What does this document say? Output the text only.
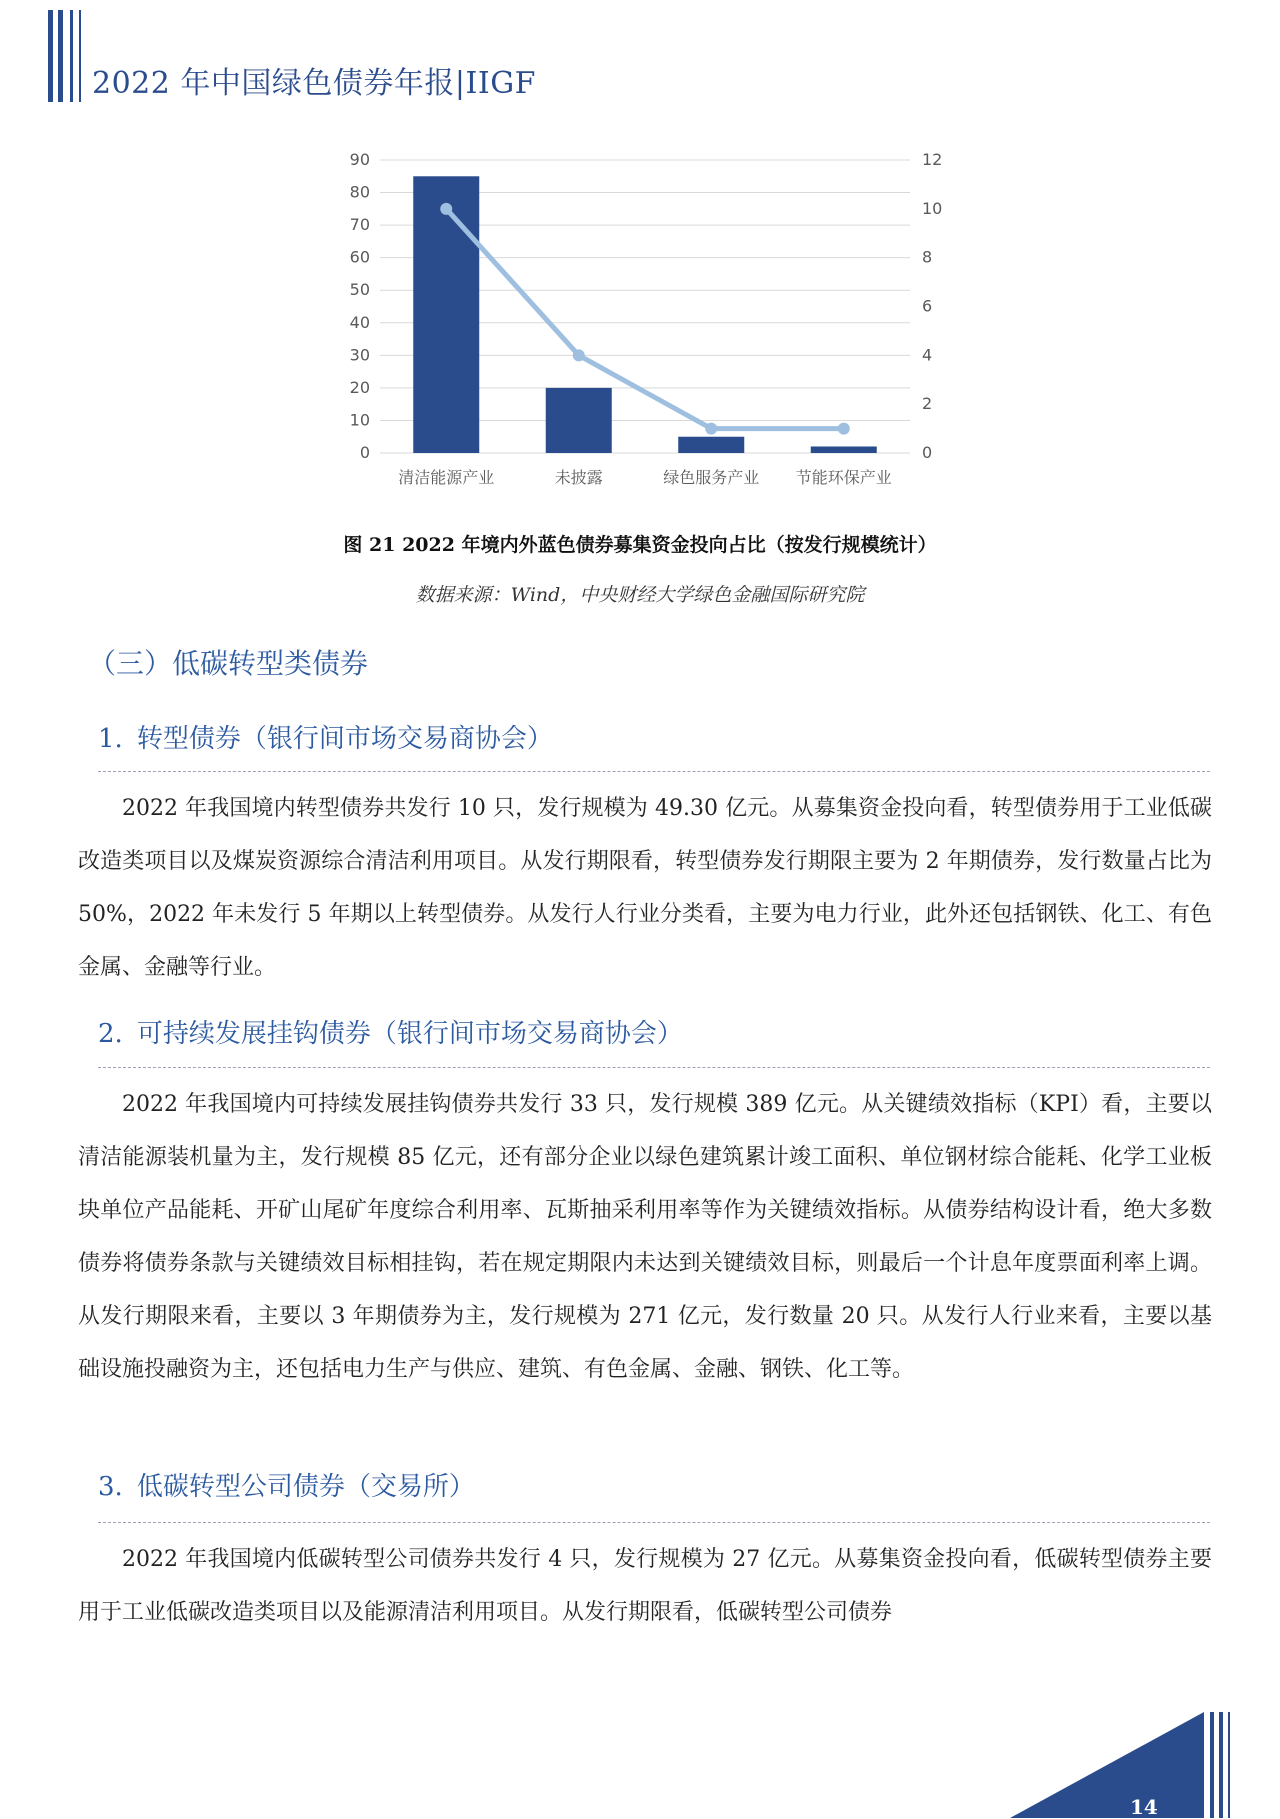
2022 年中国绿色债券年报|IIGF
90
80
70
60
50
40
30
20
10
0
12
10
8
6
4
2
0
清洁能源产业	未披露	绿色服务产业 节能环保产业
图 21 2022 年境内外蓝色债券募集资金投向占比（按发行规模统计）
数据来源：Wind，中央财经大学绿色金融国际研究院
（三）低碳转型类债券
1. 转型债券（银行间市场交易商协会）
2022 年我国境内转型债券共发行 10 只，发行规模为 49.30 亿元。从募集资金投向看，转型债券用于工业低碳改造类项目以及煤炭资源综合清洁利用项目。从发行期限看，转型债券发行期限主要为 2 年期债券，发行数量占比为 50%，2022 年未发行 5 年期以上转型债券。从发行人行业分类看，主要为电力行业，此外还包括钢铁、化工、有色金属、金融等行业。
2. 可持续发展挂钩债券（银行间市场交易商协会）
2022 年我国境内可持续发展挂钩债券共发行 33 只，发行规模 389 亿元。从关键绩效指标（KPI）看，主要以清洁能源装机量为主，发行规模 85 亿元，还有部分企业以绿色建筑累计竣工面积、单位钢材综合能耗、化学工业板块单位产品能耗、开矿山尾矿年度综合利用率、瓦斯抽采利用率等作为关键绩效指标。从债券结构设计看，绝大多数债券将债券条款与关键绩效目标相挂钩，若在规定期限内未达到关键绩效目标，则最后一个计息年度票面利率上调。从发行期限来看，主要以 3 年期债券为主，发行规模为 271 亿元，发行数量 20 只。从发行人行业来看，主要以基础设施投融资为主，还包括电力生产与供应、建筑、有色金属、金融、钢铁、化工等。
3. 低碳转型公司债券（交易所）
2022 年我国境内低碳转型公司债券共发行 4 只，发行规模为 27 亿元。从募集资金投向看，低碳转型债券主要用于工业低碳改造类项目以及能源清洁利用项目。从发行期限看，低碳转型公司债券
14
